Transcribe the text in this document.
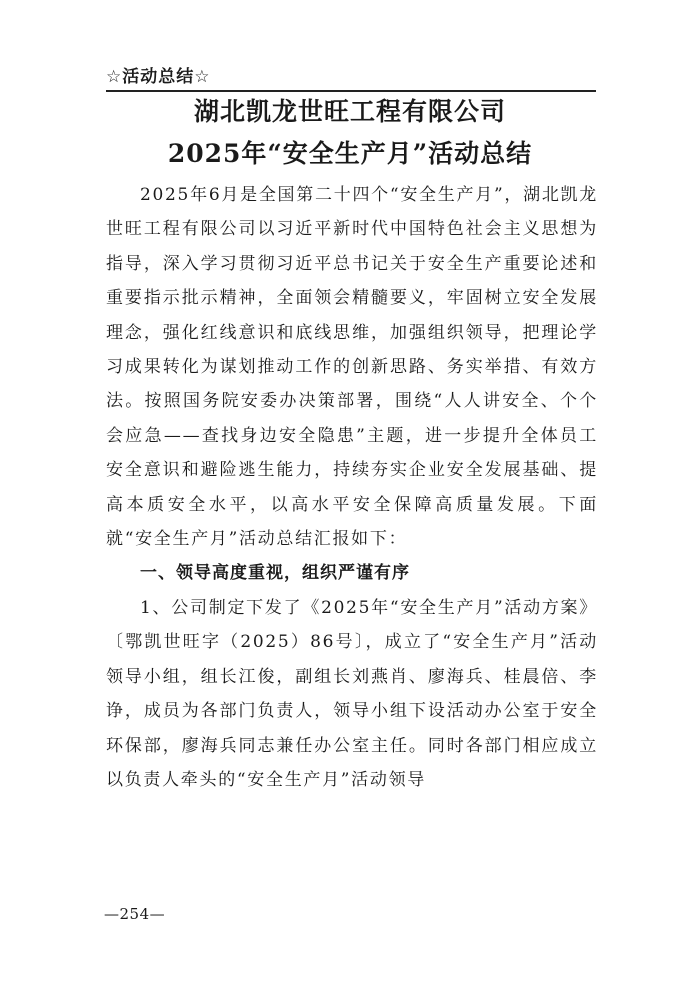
☆活动总结☆
湖北凯龙世旺工程有限公司
2025年“安全生产月”活动总结

2025年6月是全国第二十四个“安全生产月”，湖北凯龙世旺工程有限公司以习近平新时代中国特色社会主义思想为指导，深入学习贯彻习近平总书记关于安全生产重要论述和重要指示批示精神，全面领会精髓要义，牢固树立安全发展理念，强化红线意识和底线思维，加强组织领导，把理论学习成果转化为谋划推动工作的创新思路、务实举措、有效方法。按照国务院安委办决策部署，围绕“人人讲安全、个个会应急——查找身边安全隐患”主题，进一步提升全体员工安全意识和避险逃生能力，持续夯实企业安全发展基础、提高本质安全水平，以高水平安全保障高质量发展。下面就“安全生产月”活动总结汇报如下：

一、领导高度重视，组织严谨有序

1、公司制定下发了《2025年“安全生产月”活动方案》〔鄂凯世旺字（2025）86号〕，成立了“安全生产月”活动领导小组，组长江俊，副组长刘燕肖、廖海兵、桂晨倍、李诤，成员为各部门负责人，领导小组下设活动办公室于安全环保部，廖海兵同志兼任办公室主任。同时各部门相应成立以负责人牵头的“安全生产月”活动领导

—254—
